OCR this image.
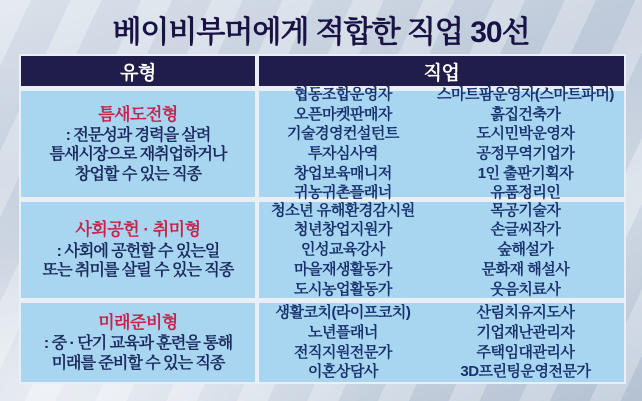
베이비부머에게 적합한 직업 30선
유형	직업
틈새도전형
: 전문성과 경력을 살려
틈새시장으로 재취업하거나
창업할 수 있는 직종
협동조합운영자
오픈마켓판매자
기술경영컨설턴트
투자심사역
창업보육매니저
귀농귀촌플래너
스마트팜운영자(스마트파머)
흙집건축가
도시민박운영자
공정무역기업가
1인 출판기획자
유품정리인
사회공헌 · 취미형
: 사회에 공헌할 수 있는일
또는 취미를 살릴 수 있는 직종
청소년 유해환경감시원
청년창업지원가
인성교육강사
마을재생활동가
도시농업활동가
목공기술자
손글씨작가
숲해설가
문화재 해설사
웃음치료사
미래준비형
: 중 · 단기 교육과 훈련을 통해
미래를 준비할 수 있는 직종
생활코치(라이프코치)
노년플래너
전직지원전문가
이혼상담사
산림치유지도사
기업재난관리자
주택임대관리사
3D프린팅운영전문가
